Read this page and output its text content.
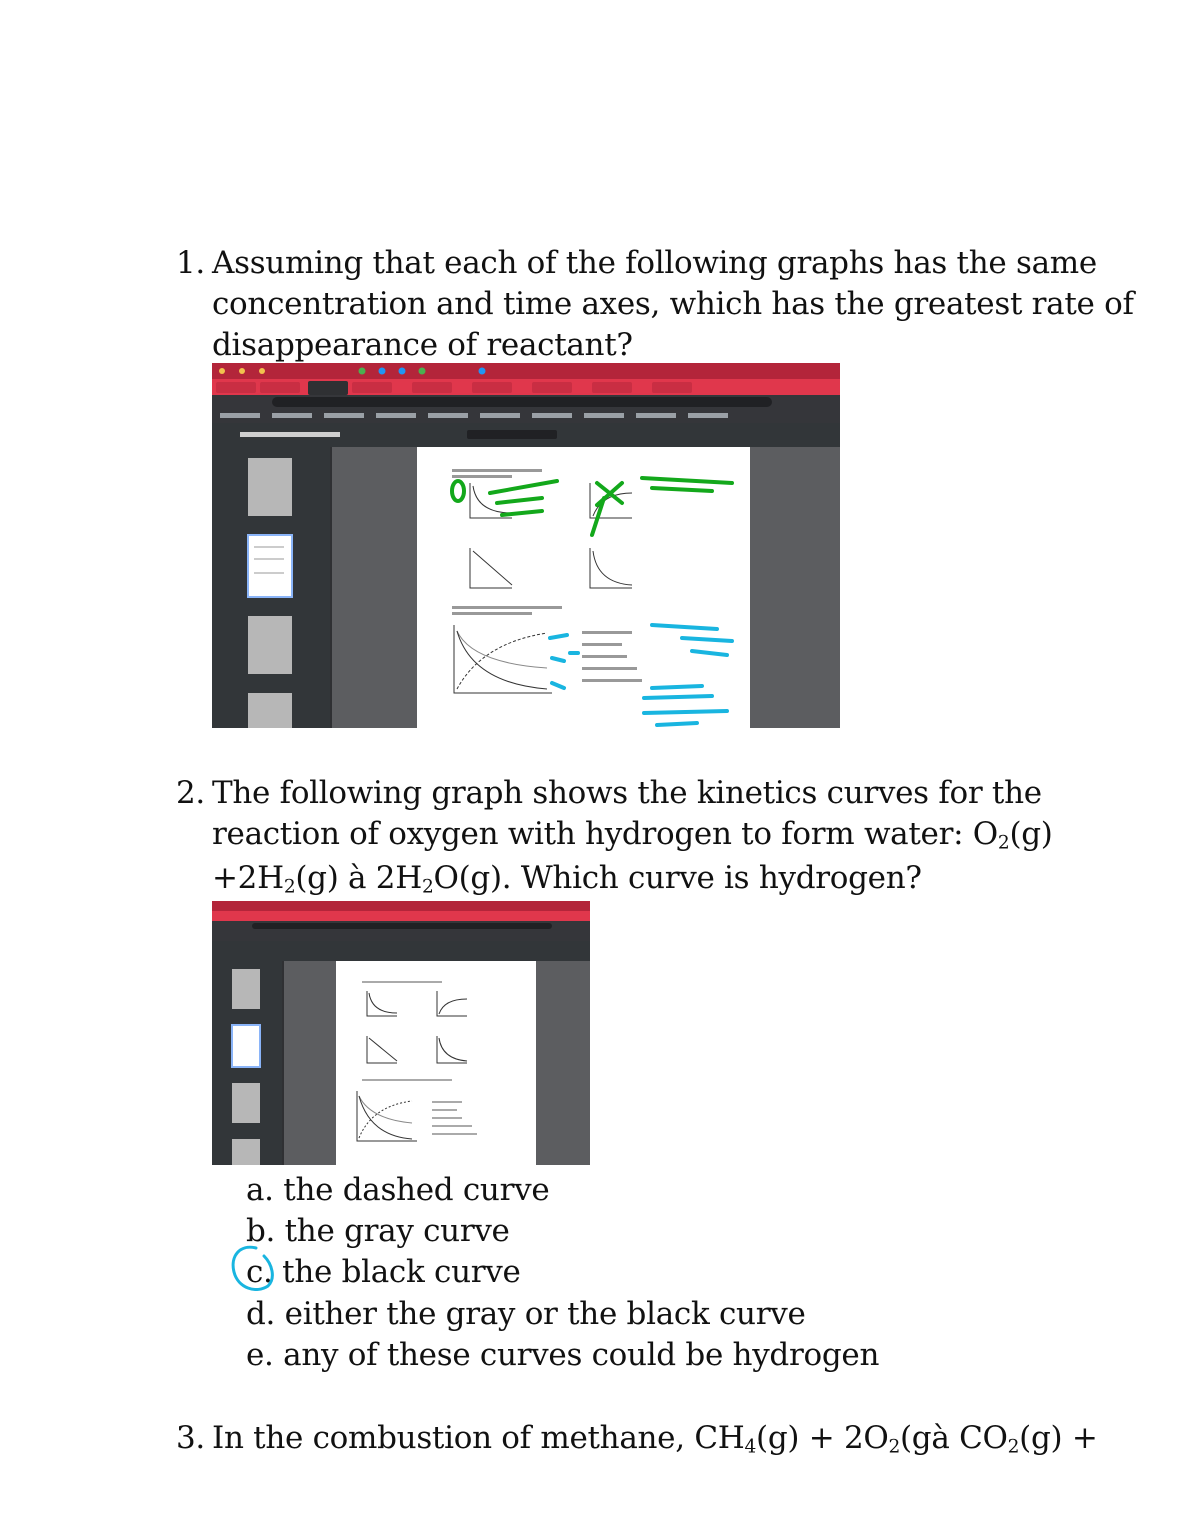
1. Assuming that each of the following graphs has the same
concentration and time axes, which has the greatest rate of
disappearance of reactant?
2. The following graph shows the kinetics curves for the
reaction of oxygen with hydrogen to form water: $O_2(g)$
$+2H_2(g)$ à $2H_2O(g)$. Which curve is hydrogen?
a. the dashed curve
b. the gray curve
c. the black curve
d. either the gray or the black curve
e. any of these curves could be hydrogen
3. In the combustion of methane, $CH_4(g)$ + $2O_2(gà$ $CO_2(g)$ +
